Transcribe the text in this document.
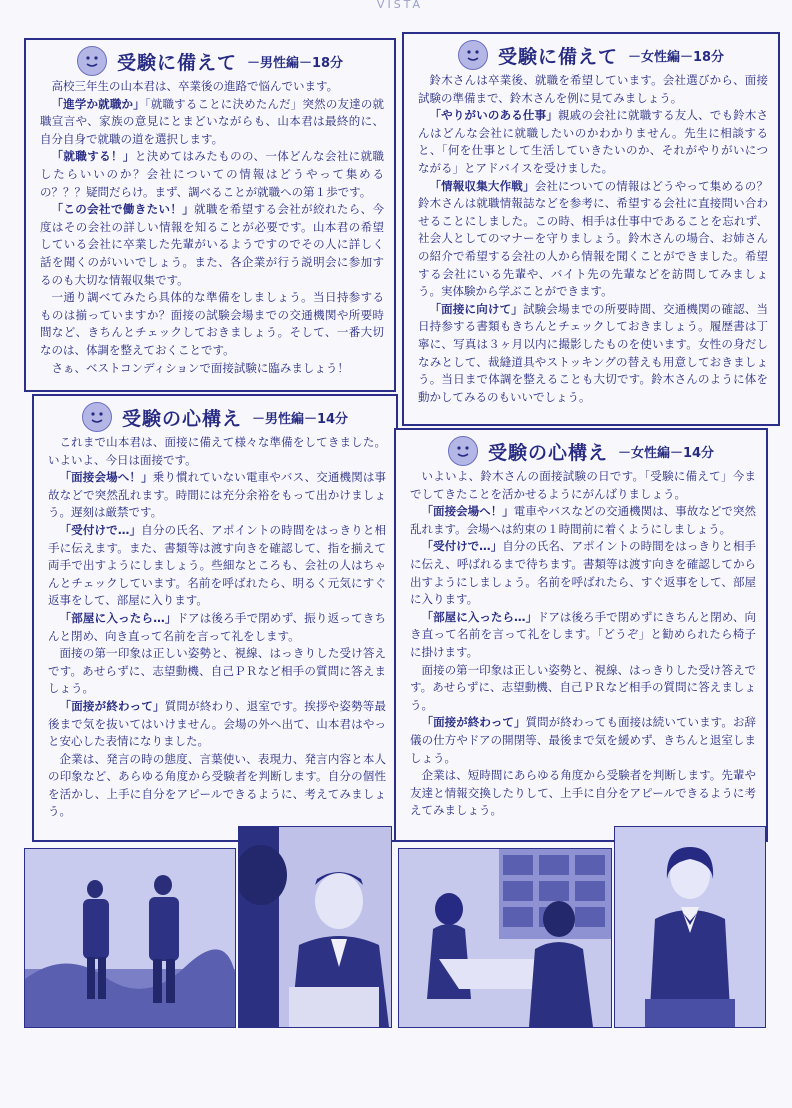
VISTA
受験に備えて －男性編－18分

高校三年生の山本君は、卒業後の進路で悩んでいます。

「進学か就職か」「就職することに決めたんだ」突然の友達の就職宣言や、家族の意見にとまどいながらも、山本君は最終的に、自分自身で就職の道を選択します。

「就職する！」と決めてはみたものの、一体どんな会社に就職したらいいのか？会社についての情報はどうやって集めるの？？？疑問だらけ。まず、調べることが就職への第１歩です。

「この会社で働きたい！」就職を希望する会社が絞れたら、今度はその会社の詳しい情報を知ることが必要です。山本君の希望している会社に卒業した先輩がいるようですのでその人に詳しく話を聞くのがいいでしょう。また、各企業が行う説明会に参加するのも大切な情報収集です。

一通り調べてみたら具体的な準備をしましょう。当日持参するものは揃っていますか？面接の試験会場までの交通機関や所要時間など、きちんとチェックしておきましょう。そして、一番大切なのは、体調を整えておくことです。

さぁ、ベストコンディションで面接試験に臨みましょう！

受験に備えて －女性編－18分

鈴木さんは卒業後、就職を希望しています。会社選びから、面接試験の準備まで、鈴木さんを例に見てみましょう。

「やりがいのある仕事」親戚の会社に就職する友人、でも鈴木さんはどんな会社に就職したいのかわかりません。先生に相談すると、「何を仕事として生活していきたいのか、それがやりがいにつながる」とアドバイスを受けました。

「情報収集大作戦」会社についての情報はどうやって集めるの？鈴木さんは就職情報誌などを参考に、希望する会社に直接問い合わせることにしました。この時、相手は仕事中であることを忘れず、社会人としてのマナーを守りましょう。鈴木さんの場合、お姉さんの紹介で希望する会社の人から情報を聞くことができました。希望する会社にいる先輩や、バイト先の先輩などを訪問してみましょう。実体験から学ぶことができます。

「面接に向けて」試験会場までの所要時間、交通機関の確認、当日持参する書類もきちんとチェックしておきましょう。履歴書は丁寧に、写真は３ヶ月以内に撮影したものを使います。女性の身だしなみとして、裁縫道具やストッキングの替えも用意しておきましょう。当日まで体調を整えることも大切です。鈴木さんのように体を動かしてみるのもいいでしょう。

受験の心構え －男性編－14分

これまで山本君は、面接に備えて様々な準備をしてきました。いよいよ、今日は面接です。

「面接会場へ！」乗り慣れていない電車やバス、交通機関は事故などで突然乱れます。時間には充分余裕をもって出かけましょう。遅刻は厳禁です。

「受付けで…」自分の氏名、アポイントの時間をはっきりと相手に伝えます。また、書類等は渡す向きを確認して、指を揃えて両手で出すようにしましょう。些細なところも、会社の人はちゃんとチェックしています。名前を呼ばれたら、明るく元気にすぐ返事をして、部屋に入ります。

「部屋に入ったら…」ドアは後ろ手で閉めず、振り返ってきちんと閉め、向き直って名前を言って礼をします。

面接の第一印象は正しい姿勢と、視線、はっきりした受け答えです。あせらずに、志望動機、自己ＰＲなど相手の質問に答えましょう。

「面接が終わって」質問が終わり、退室です。挨拶や姿勢等最後まで気を抜いてはいけません。会場の外へ出て、山本君はやっと安心した表情になりました。

企業は、発言の時の態度、言葉使い、表現力、発言内容と本人の印象など、あらゆる角度から受験者を判断します。自分の個性を活かし、上手に自分をアピールできるように、考えてみましょう。

受験の心構え －女性編－14分

いよいよ、鈴木さんの面接試験の日です。「受験に備えて」今までしてきたことを活かせるようにがんばりましょう。

「面接会場へ！」電車やバスなどの交通機関は、事故などで突然乱れます。会場へは約束の１時間前に着くようにしましょう。

「受付けで…」自分の氏名、アポイントの時間をはっきりと相手に伝え、呼ばれるまで待ちます。書類等は渡す向きを確認してから出すようにしましょう。名前を呼ばれたら、すぐ返事をして、部屋に入ります。

「部屋に入ったら…」ドアは後ろ手で閉めずにきちんと閉め、向き直って名前を言って礼をします。「どうぞ」と勧められたら椅子に掛けます。

面接の第一印象は正しい姿勢と、視線、はっきりした受け答えです。あせらずに、志望動機、自己ＰＲなど相手の質問に答えましょう。

「面接が終わって」質問が終わっても面接は続いています。お辞儀の仕方やドアの開閉等、最後まで気を緩めず、きちんと退室しましょう。

企業は、短時間にあらゆる角度から受験者を判断します。先輩や友達と情報交換したりして、上手に自分をアピールできるように考えてみましょう。
